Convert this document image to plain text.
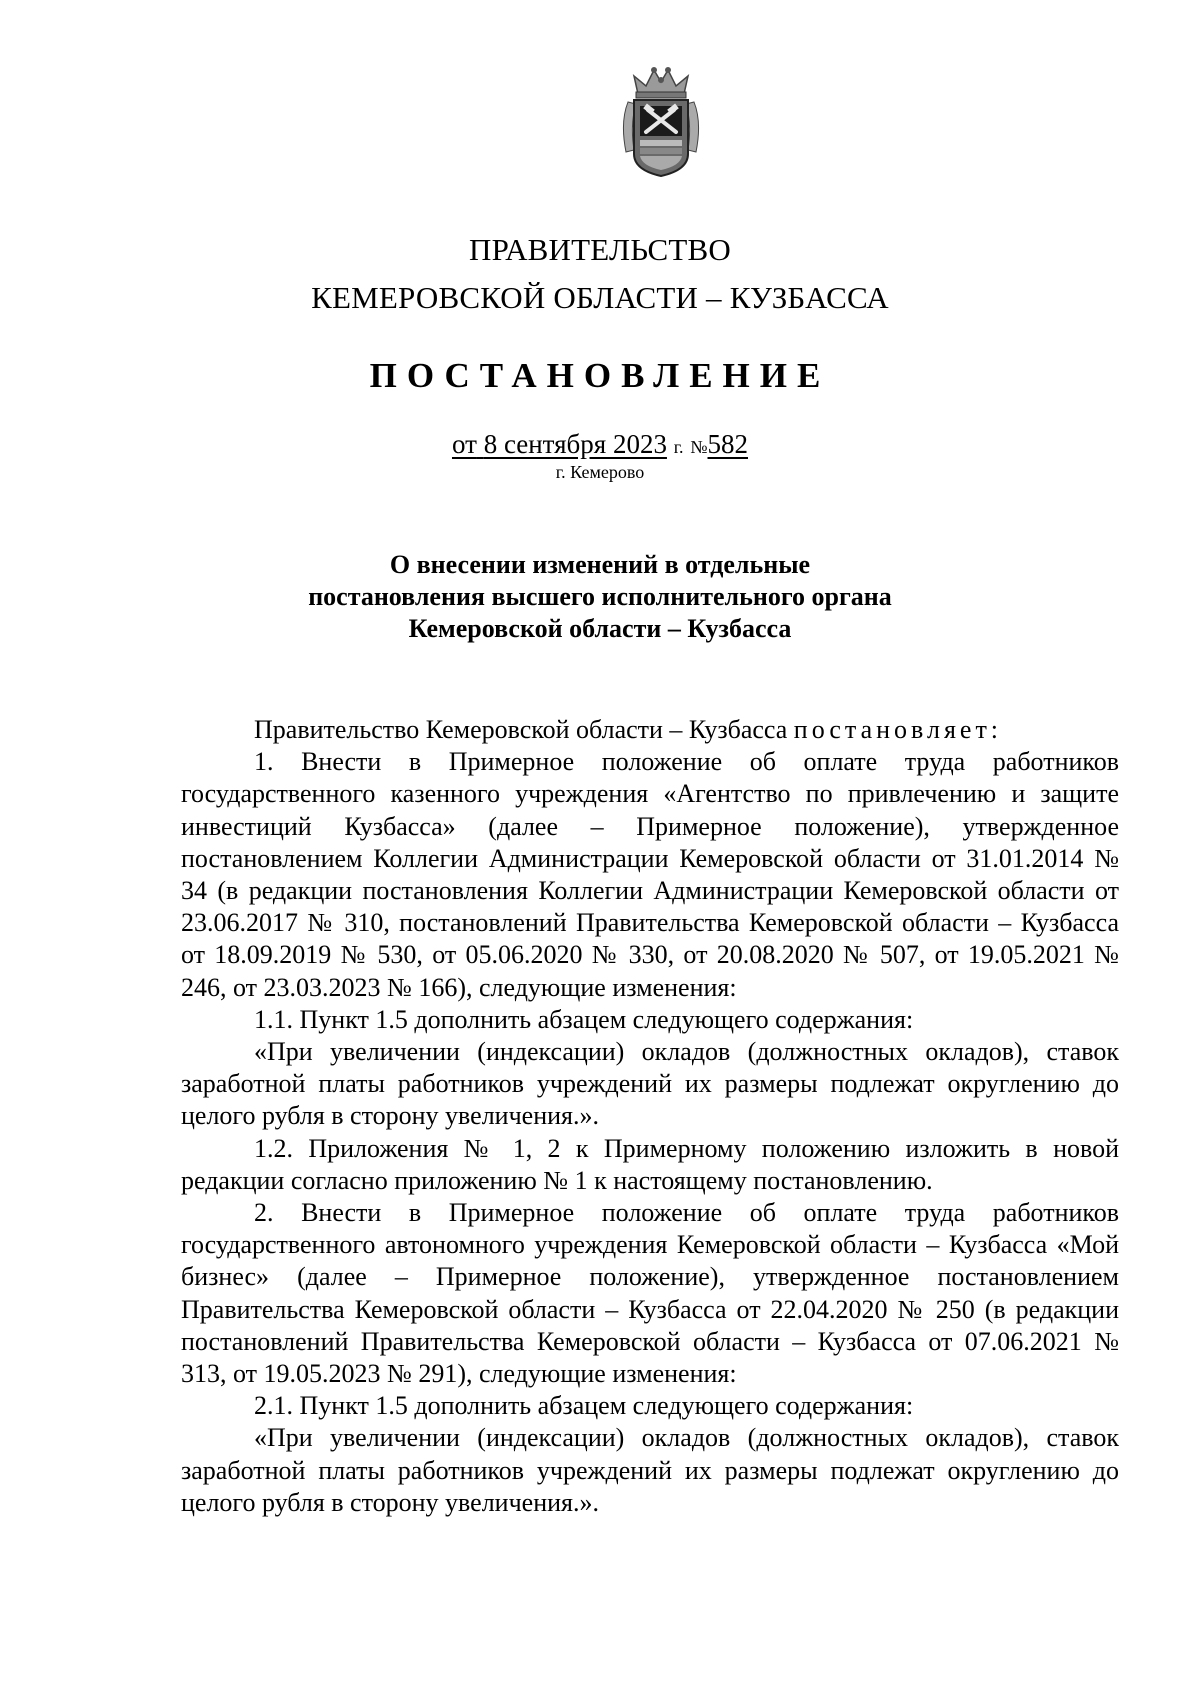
ПРАВИТЕЛЬСТВО
КЕМЕРОВСКОЙ ОБЛАСТИ – КУЗБАССА
ПОСТАНОВЛЕНИЕ
от 8 сентября 2023 г. №582
г. Кемерово
О внесении изменений в отдельные
постановления высшего исполнительного органа
Кемеровской области – Кузбасса

Правительство Кемеровской области – Кузбасса постановляет:

1. Внести в Примерное положение об оплате труда работников государственного казенного учреждения «Агентство по привлечению и защите инвестиций Кузбасса» (далее – Примерное положение), утвержденное постановлением Коллегии Администрации Кемеровской области от 31.01.2014 № 34 (в редакции постановления Коллегии Администрации Кемеровской области от 23.06.2017 № 310, постановлений Правительства Кемеровской области – Кузбасса от 18.09.2019 № 530, от 05.06.2020 № 330, от 20.08.2020 № 507, от 19.05.2021 № 246, от 23.03.2023 № 166), следующие изменения:

1.1. Пункт 1.5 дополнить абзацем следующего содержания:

«При увеличении (индексации) окладов (должностных окладов), ставок заработной платы работников учреждений их размеры подлежат округлению до целого рубля в сторону увеличения.».

1.2. Приложения № 1, 2 к Примерному положению изложить в новой редакции согласно приложению № 1 к настоящему постановлению.

2. Внести в Примерное положение об оплате труда работников государственного автономного учреждения Кемеровской области – Кузбасса «Мой бизнес» (далее – Примерное положение), утвержденное постановлением Правительства Кемеровской области – Кузбасса от 22.04.2020 № 250 (в редакции постановлений Правительства Кемеровской области – Кузбасса от 07.06.2021 № 313, от 19.05.2023 № 291), следующие изменения:

2.1. Пункт 1.5 дополнить абзацем следующего содержания:

«При увеличении (индексации) окладов (должностных окладов), ставок заработной платы работников учреждений их размеры подлежат округлению до целого рубля в сторону увеличения.».
